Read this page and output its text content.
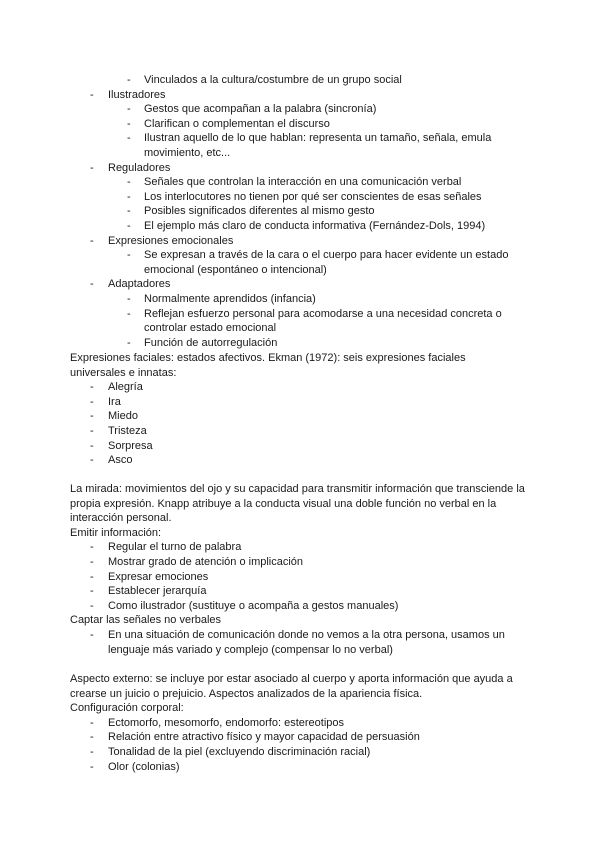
- Vinculados a la cultura/costumbre de un grupo social
- Ilustradores
- Gestos que acompañan a la palabra (sincronía)
- Clarifican o complementan el discurso
- Ilustran aquello de lo que hablan: representa un tamaño, señala, emula movimiento, etc...
- Reguladores
- Señales que controlan la interacción en una comunicación verbal
- Los interlocutores no tienen por qué ser conscientes de esas señales
- Posibles significados diferentes al mismo gesto
- El ejemplo más claro de conducta informativa (Fernández-Dols, 1994)
- Expresiones emocionales
- Se expresan a través de la cara o el cuerpo para hacer evidente un estado emocional (espontáneo o intencional)
- Adaptadores
- Normalmente aprendidos (infancia)
- Reflejan esfuerzo personal para acomodarse a una necesidad concreta o controlar estado emocional
- Función de autorregulación
Expresiones faciales: estados afectivos. Ekman (1972): seis expresiones faciales universales e innatas:
- Alegría
- Ira
- Miedo
- Tristeza
- Sorpresa
- Asco
La mirada: movimientos del ojo y su capacidad para transmitir información que transciende la propia expresión. Knapp atribuye a la conducta visual una doble función no verbal en la interacción personal.
Emitir información:
- Regular el turno de palabra
- Mostrar grado de atención o implicación
- Expresar emociones
- Establecer jerarquía
- Como ilustrador (sustituye o acompaña a gestos manuales)
Captar las señales no verbales
- En una situación de comunicación donde no vemos a la otra persona, usamos un lenguaje más variado y complejo (compensar lo no verbal)
Aspecto externo: se incluye por estar asociado al cuerpo y aporta información que ayuda a crearse un juicio o prejuicio. Aspectos analizados de la apariencia física.
Configuración corporal:
- Ectomorfo, mesomorfo, endomorfo: estereotipos
- Relación entre atractivo físico y mayor capacidad de persuasión
- Tonalidad de la piel (excluyendo discriminación racial)
- Olor (colonias)
